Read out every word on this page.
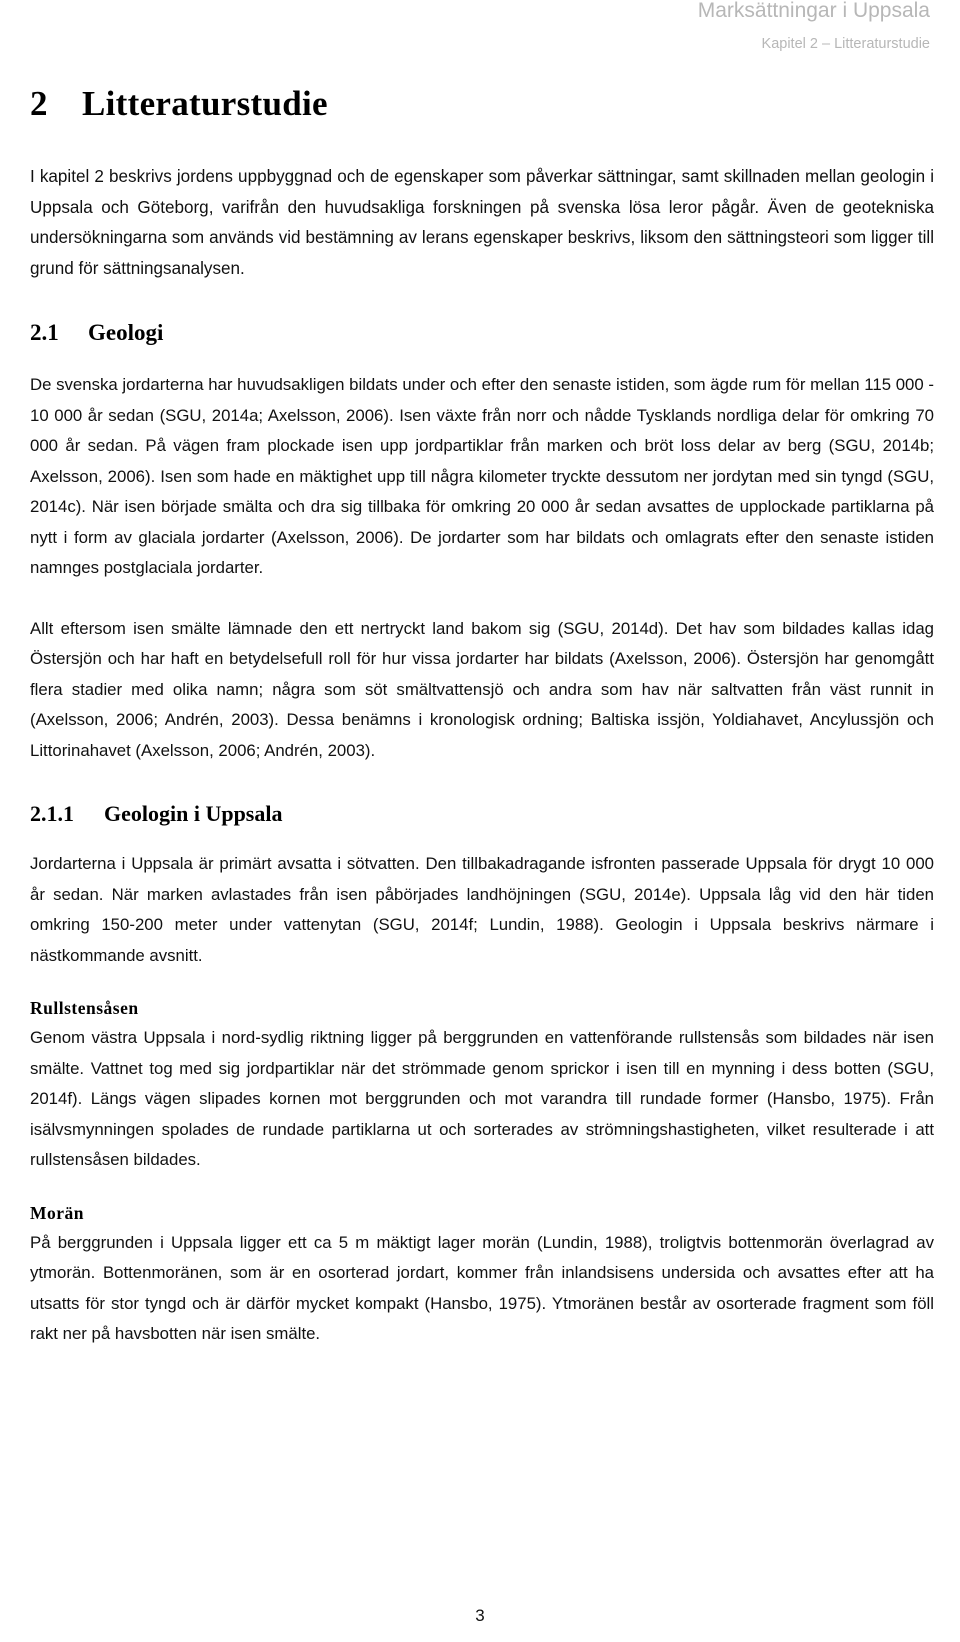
Marksättningar i Uppsala
Kapitel 2 – Litteraturstudie
2 Litteraturstudie

I kapitel 2 beskrivs jordens uppbyggnad och de egenskaper som påverkar sättningar, samt skillnaden mellan geologin i Uppsala och Göteborg, varifrån den huvudsakliga forskningen på svenska lösa leror pågår. Även de geotekniska undersökningarna som används vid bestämning av lerans egenskaper beskrivs, liksom den sättningsteori som ligger till grund för sättningsanalysen.

2.1 Geologi

De svenska jordarterna har huvudsakligen bildats under och efter den senaste istiden, som ägde rum för mellan 115 000 - 10 000 år sedan (SGU, 2014a; Axelsson, 2006). Isen växte från norr och nådde Tysklands nordliga delar för omkring 70 000 år sedan. På vägen fram plockade isen upp jordpartiklar från marken och bröt loss delar av berg (SGU, 2014b; Axelsson, 2006). Isen som hade en mäktighet upp till några kilometer tryckte dessutom ner jordytan med sin tyngd (SGU, 2014c). När isen började smälta och dra sig tillbaka för omkring 20 000 år sedan avsattes de upplockade partiklarna på nytt i form av glaciala jordarter (Axelsson, 2006). De jordarter som har bildats och omlagrats efter den senaste istiden namnges postglaciala jordarter.

Allt eftersom isen smälte lämnade den ett nertryckt land bakom sig (SGU, 2014d). Det hav som bildades kallas idag Östersjön och har haft en betydelsefull roll för hur vissa jordarter har bildats (Axelsson, 2006). Östersjön har genomgått flera stadier med olika namn; några som söt smältvattensjö och andra som hav när saltvatten från väst runnit in (Axelsson, 2006; Andrén, 2003). Dessa benämns i kronologisk ordning; Baltiska issjön, Yoldiahavet, Ancylussjön och Littorinahavet (Axelsson, 2006; Andrén, 2003).

2.1.1 Geologin i Uppsala

Jordarterna i Uppsala är primärt avsatta i sötvatten. Den tillbakadragande isfronten passerade Uppsala för drygt 10 000 år sedan. När marken avlastades från isen påbörjades landhöjningen (SGU, 2014e). Uppsala låg vid den här tiden omkring 150-200 meter under vattenytan (SGU, 2014f; Lundin, 1988). Geologin i Uppsala beskrivs närmare i nästkommande avsnitt.

Rullstensåsen

Genom västra Uppsala i nord-sydlig riktning ligger på berggrunden en vattenförande rullstensås som bildades när isen smälte. Vattnet tog med sig jordpartiklar när det strömmade genom sprickor i isen till en mynning i dess botten (SGU, 2014f). Längs vägen slipades kornen mot berggrunden och mot varandra till rundade former (Hansbo, 1975). Från isälvsmynningen spolades de rundade partiklarna ut och sorterades av strömningshastigheten, vilket resulterade i att rullstensåsen bildades.

Morän

På berggrunden i Uppsala ligger ett ca 5 m mäktigt lager morän (Lundin, 1988), troligtvis bottenmorän överlagrad av ytmorän. Bottenmoränen, som är en osorterad jordart, kommer från inlandsisens undersida och avsattes efter att ha utsatts för stor tyngd och är därför mycket kompakt (Hansbo, 1975). Ytmoränen består av osorterade fragment som föll rakt ner på havsbotten när isen smälte.

3
